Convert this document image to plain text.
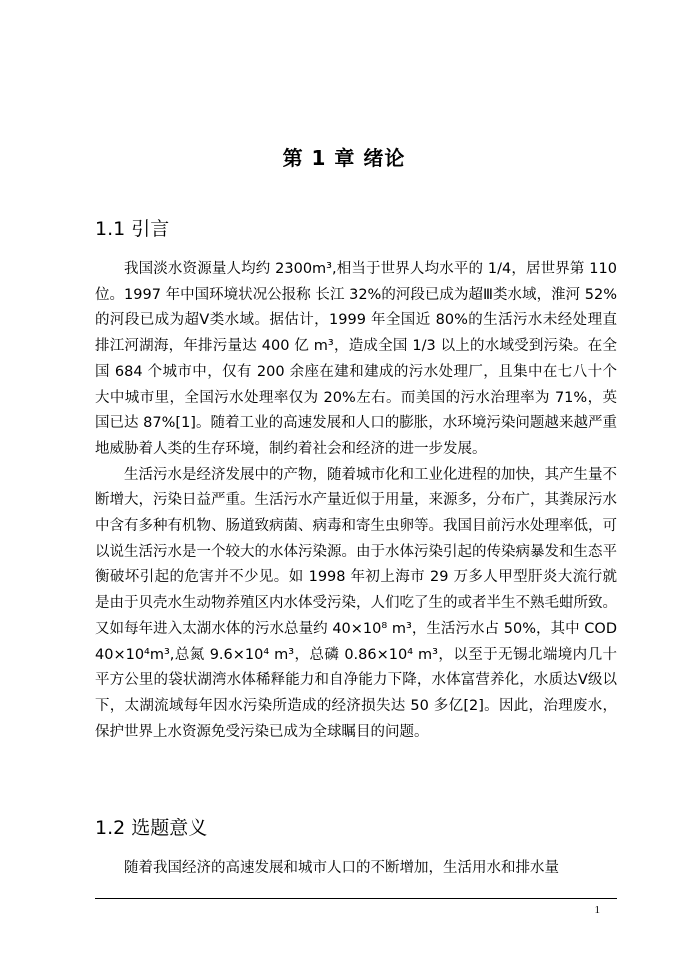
第 1 章 绪论
1.1 引言

我国淡水资源量人均约 2300m³,相当于世界人均水平的 1/4，居世界第 110 位。1997 年中国环境状况公报称 长江 32%的河段已成为超Ⅲ类水域，淮河 52%的河段已成为超Ⅴ类水域。据估计，1999 年全国近 80%的生活污水未经处理直排江河湖海，年排污量达 400 亿 m³，造成全国 1/3 以上的水域受到污染。在全国 684 个城市中，仅有 200 余座在建和建成的污水处理厂，且集中在七八十个大中城市里，全国污水处理率仅为 20%左右。而美国的污水治理率为 71%，英国已达 87%[1]。随着工业的高速发展和人口的膨胀，水环境污染问题越来越严重地威胁着人类的生存环境，制约着社会和经济的进一步发展。

生活污水是经济发展中的产物，随着城市化和工业化进程的加快，其产生量不断增大，污染日益严重。生活污水产量近似于用量，来源多，分布广，其粪尿污水中含有多种有机物、肠道致病菌、病毒和寄生虫卵等。我国目前污水处理率低，可以说生活污水是一个较大的水体污染源。由于水体污染引起的传染病暴发和生态平衡破坏引起的危害并不少见。如 1998 年初上海市 29 万多人甲型肝炎大流行就是由于贝壳水生动物养殖区内水体受污染，人们吃了生的或者半生不熟毛蚶所致。又如每年进入太湖水体的污水总量约 40×10⁸ m³，生活污水占 50%，其中 COD 40×10⁴m³,总氮 9.6×10⁴ m³，总磷 0.86×10⁴ m³，以至于无锡北端境内几十平方公里的袋状湖湾水体稀释能力和自净能力下降，水体富营养化，水质达Ⅴ级以下，太湖流域每年因水污染所造成的经济损失达 50 多亿[2]。因此，治理废水，保护世界上水资源免受污染已成为全球瞩目的问题。

1.2 选题意义

随着我国经济的高速发展和城市人口的不断增加，生活用水和排水量

1
